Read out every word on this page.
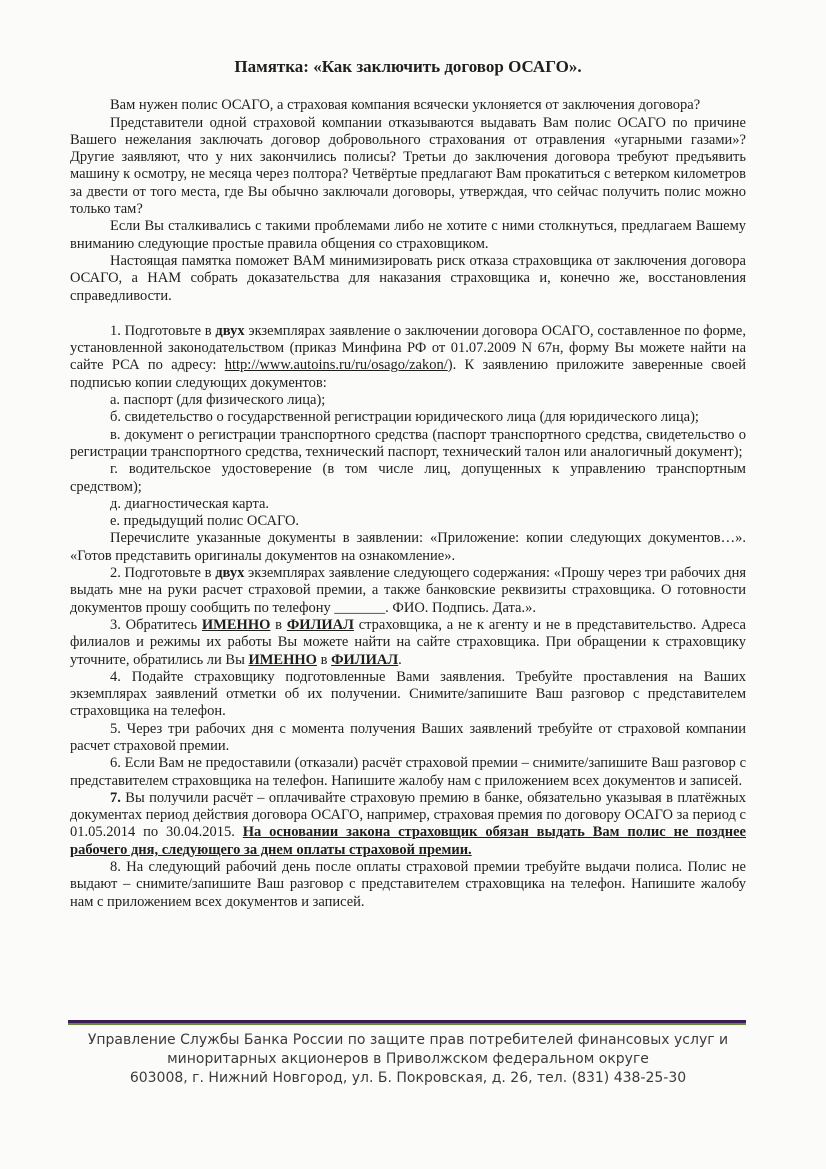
Памятка: «Как заключить договор ОСАГО».

Вам нужен полис ОСАГО, а страховая компания всячески уклоняется от заключения договора?

Представители одной страховой компании отказываются выдавать Вам полис ОСАГО по причине Вашего нежелания заключать договор добровольного страхования от отравления «угарными газами»? Другие заявляют, что у них закончились полисы? Третьи до заключения договора требуют предъявить машину к осмотру, не месяца через полтора? Четвёртые предлагают Вам прокатиться с ветерком километров за двести от того места, где Вы обычно заключали договоры, утверждая, что сейчас получить полис можно только там?

Если Вы сталкивались с такими проблемами либо не хотите с ними столкнуться, предлагаем Вашему вниманию следующие простые правила общения со страховщиком.

Настоящая памятка поможет ВАМ минимизировать риск отказа страховщика от заключения договора ОСАГО, а НАМ собрать доказательства для наказания страховщика и, конечно же, восстановления справедливости.

1. Подготовьте в двух экземплярах заявление о заключении договора ОСАГО, составленное по форме, установленной законодательством (приказ Минфина РФ от 01.07.2009 N 67н, форму Вы можете найти на сайте РСА по адресу: http://www.autoins.ru/ru/osago/zakon/). К заявлению приложите заверенные своей подписью копии следующих документов:

а. паспорт (для физического лица);

б. свидетельство о государственной регистрации юридического лица (для юридического лица);

в. документ о регистрации транспортного средства (паспорт транспортного средства, свидетельство о регистрации транспортного средства, технический паспорт, технический талон или аналогичный документ);

г. водительское удостоверение (в том числе лиц, допущенных к управлению транспортным средством);

д. диагностическая карта.

е. предыдущий полис ОСАГО.

Перечислите указанные документы в заявлении: «Приложение: копии следующих документов…». «Готов представить оригиналы документов на ознакомление».

2. Подготовьте в двух экземплярах заявление следующего содержания: «Прошу через три рабочих дня выдать мне на руки расчет страховой премии, а также банковские реквизиты страховщика. О готовности документов прошу сообщить по телефону _______. ФИО. Подпись. Дата.».

3. Обратитесь ИМЕННО в ФИЛИАЛ страховщика, а не к агенту и не в представительство. Адреса филиалов и режимы их работы Вы можете найти на сайте страховщика. При обращении к страховщику уточните, обратились ли Вы ИМЕННО в ФИЛИАЛ.

4. Подайте страховщику подготовленные Вами заявления. Требуйте проставления на Ваших экземплярах заявлений отметки об их получении. Снимите/запишите Ваш разговор с представителем страховщика на телефон.

5. Через три рабочих дня с момента получения Ваших заявлений требуйте от страховой компании расчет страховой премии.

6. Если Вам не предоставили (отказали) расчёт страховой премии – снимите/запишите Ваш разговор с представителем страховщика на телефон. Напишите жалобу нам с приложением всех документов и записей.

7. Вы получили расчёт – оплачивайте страховую премию в банке, обязательно указывая в платёжных документах период действия договора ОСАГО, например, страховая премия по договору ОСАГО за период с 01.05.2014 по 30.04.2015. На основании закона страховщик обязан выдать Вам полис не позднее рабочего дня, следующего за днем оплаты страховой премии.

8. На следующий рабочий день после оплаты страховой премии требуйте выдачи полиса. Полис не выдают – снимите/запишите Ваш разговор с представителем страховщика на телефон. Напишите жалобу нам с приложением всех документов и записей.

Управление Службы Банка России по защите прав потребителей финансовых услуг и
миноритарных акционеров в Приволжском федеральном округе
603008, г. Нижний Новгород, ул. Б. Покровская, д. 26, тел. (831) 438-25-30
